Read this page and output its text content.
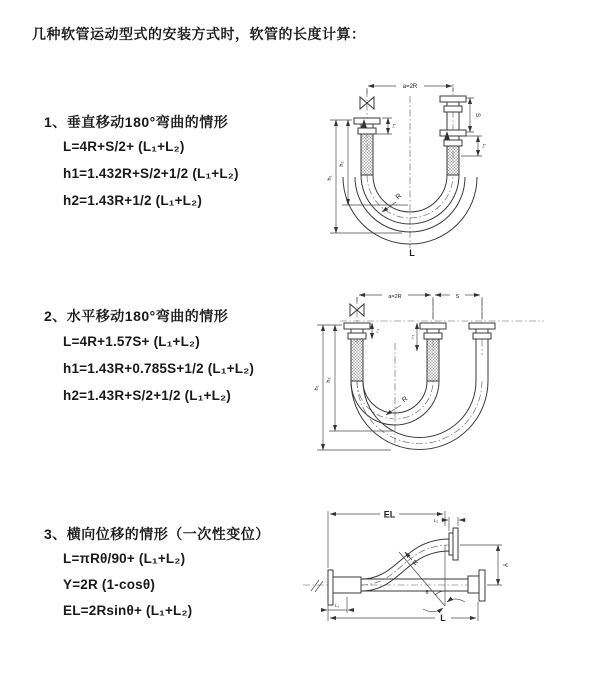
几种软管运动型式的安装方式时，软管的长度计算：
1、垂直移动180°弯曲的情形
L=4R+S/2+ (L₁+L₂)
h1=1.432R+S/2+1/2 (L₁+L₂)
h2=1.43R+1/2 (L₁+L₂)
a=2R
S
L₂
L₁
h₁
h₂
R
L
2、水平移动180°弯曲的情形
L=4R+1.57S+ (L₁+L₂)
h1=1.43R+0.785S+1/2 (L₁+L₂)
h2=1.43R+S/2+1/2 (L₁+L₂)
a=2R	S
h₁
h₂
L₁
L₂
R
3、横向位移的情形（一次性变位）
L=πRθ/90+ (L₁+L₂)
Y=2R (1-cosθ)
EL=2Rsinθ+ (L₁+L₂)
θ
R
EL
L₂
Y
L₁
L
